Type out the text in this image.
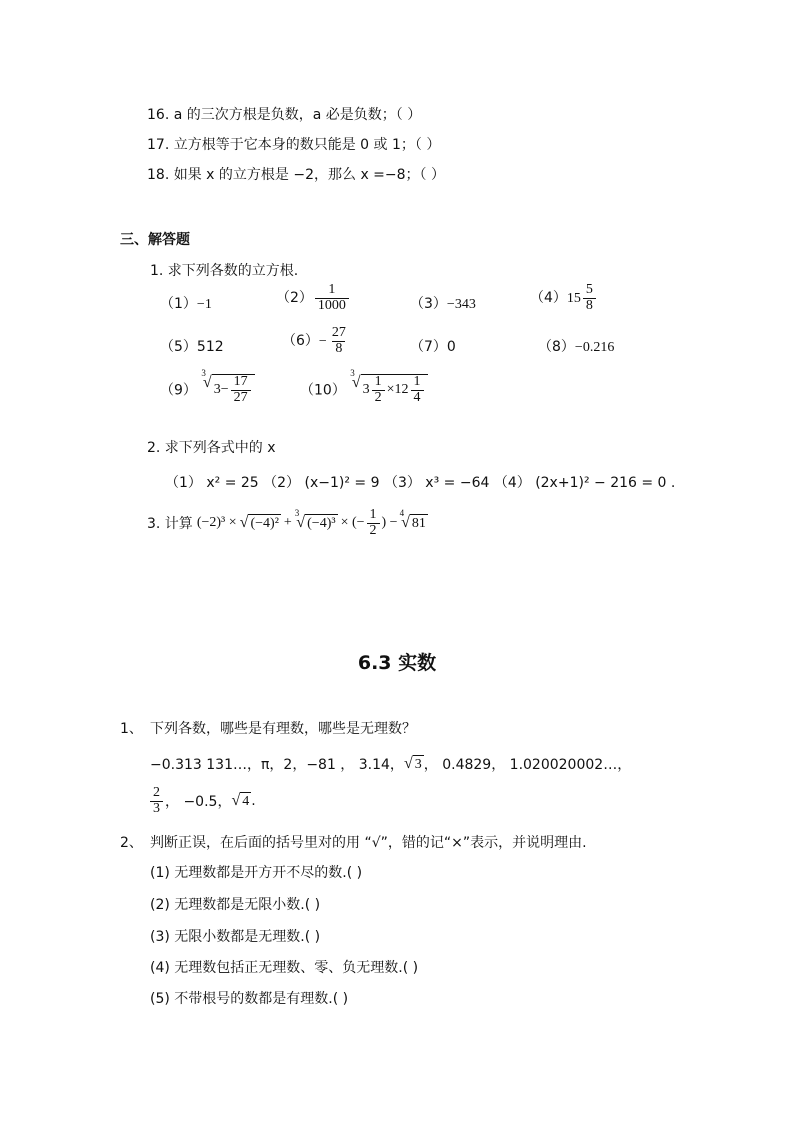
16. a 的三次方根是负数，a 必是负数；（ ）
17. 立方根等于它本身的数只能是 0 或 1；（ ）
18. 如果 x 的立方根是 −2，那么 x =−8；（ ）
三、解答题
1. 求下列各数的立方根.
（1）−1	$(2) \frac{1}{1000}$	（3）−343	$(4)15 \frac{5}{8}$
（5）512	$(6)- \frac{27}{8}$	（7）0	（8）−0.216
（9）
3
√ $3- \frac{17}{27}$	（10）
3
√ $3 \frac{1}{2} \times 12 \frac{1}{4}$
2. 求下列各式中的 x
（1） x² = 25 （2） (x−1)² = 9 （3） x³ = −64 （4） (2x+1)² − 216 = 0 .
3. 计算 (−2)³ × √ (−4)² +
3
√ (−4)³ × (− $\frac{1}{2}$ ) −
4
√ 81
6.3 实数
1、 下列各数，哪些是有理数，哪些是无理数？
−0.313 131…，π，2，−81 ， 3.14， √ 3 ， 0.4829， 1.020020002…，
$\frac{2}{3}$ ， −0.5， √ 4 .
2、 判断正误，在后面的括号里对的用 “√”，错的记“×”表示，并说明理由.
(1) 无理数都是开方开不尽的数.( )
(2) 无理数都是无限小数.( )
(3) 无限小数都是无理数.( )
(4) 无理数包括正无理数、零、负无理数.( )
(5) 不带根号的数都是有理数.( )
